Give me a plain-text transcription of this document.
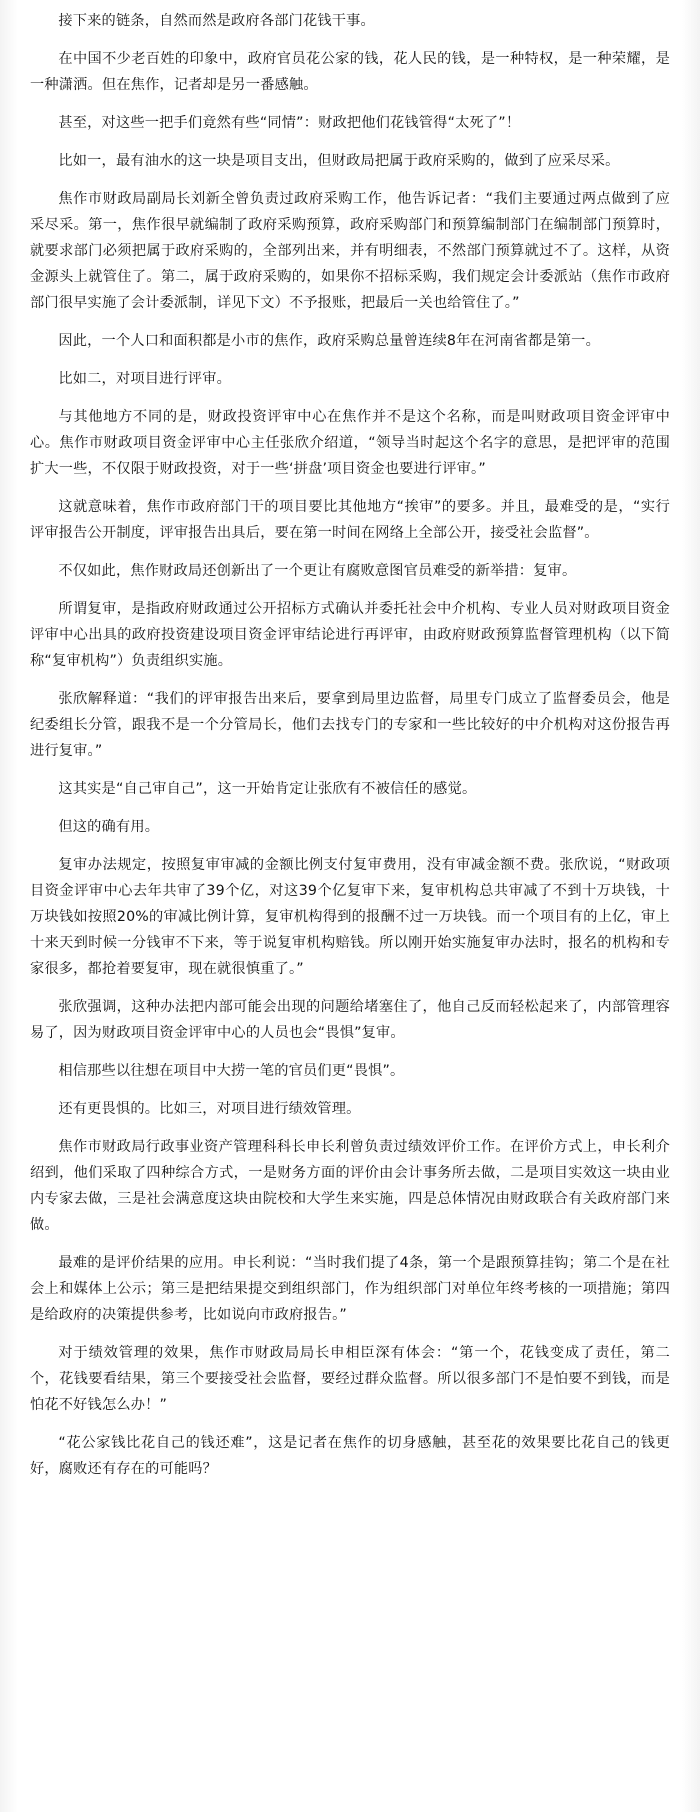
接下来的链条，自然而然是政府各部门花钱干事。

在中国不少老百姓的印象中，政府官员花公家的钱，花人民的钱，是一种特权，是一种荣耀，是一种潇洒。但在焦作，记者却是另一番感触。

甚至，对这些一把手们竟然有些“同情”：财政把他们花钱管得“太死了”！

比如一，最有油水的这一块是项目支出，但财政局把属于政府采购的，做到了应采尽采。

焦作市财政局副局长刘新全曾负责过政府采购工作，他告诉记者：“我们主要通过两点做到了应采尽采。第一，焦作很早就编制了政府采购预算，政府采购部门和预算编制部门在编制部门预算时，就要求部门必须把属于政府采购的，全部列出来，并有明细表，不然部门预算就过不了。这样，从资金源头上就管住了。第二，属于政府采购的，如果你不招标采购，我们规定会计委派站（焦作市政府部门很早实施了会计委派制，详见下文）不予报账，把最后一关也给管住了。”

因此，一个人口和面积都是小市的焦作，政府采购总量曾连续8年在河南省都是第一。

比如二，对项目进行评审。

与其他地方不同的是，财政投资评审中心在焦作并不是这个名称，而是叫财政项目资金评审中心。焦作市财政项目资金评审中心主任张欣介绍道，“领导当时起这个名字的意思，是把评审的范围扩大一些，不仅限于财政投资，对于一些‘拼盘’项目资金也要进行评审。”

这就意味着，焦作市政府部门干的项目要比其他地方“挨审”的要多。并且，最难受的是，“实行评审报告公开制度，评审报告出具后，要在第一时间在网络上全部公开，接受社会监督”。

不仅如此，焦作财政局还创新出了一个更让有腐败意图官员难受的新举措：复审。

所谓复审，是指政府财政通过公开招标方式确认并委托社会中介机构、专业人员对财政项目资金评审中心出具的政府投资建设项目资金评审结论进行再评审，由政府财政预算监督管理机构（以下简称“复审机构”）负责组织实施。

张欣解释道：“我们的评审报告出来后，要拿到局里边监督，局里专门成立了监督委员会，他是纪委组长分管，跟我不是一个分管局长，他们去找专门的专家和一些比较好的中介机构对这份报告再进行复审。”

这其实是“自己审自己”，这一开始肯定让张欣有不被信任的感觉。

但这的确有用。

复审办法规定，按照复审审减的金额比例支付复审费用，没有审减金额不费。张欣说，“财政项目资金评审中心去年共审了39个亿，对这39个亿复审下来，复审机构总共审减了不到十万块钱，十万块钱如按照20%的审减比例计算，复审机构得到的报酬不过一万块钱。而一个项目有的上亿，审上十来天到时候一分钱审不下来，等于说复审机构赔钱。所以刚开始实施复审办法时，报名的机构和专家很多，都抢着要复审，现在就很慎重了。”

张欣强调，这种办法把内部可能会出现的问题给堵塞住了，他自己反而轻松起来了，内部管理容易了，因为财政项目资金评审中心的人员也会“畏惧”复审。

相信那些以往想在项目中大捞一笔的官员们更“畏惧”。

还有更畏惧的。比如三，对项目进行绩效管理。

焦作市财政局行政事业资产管理科科长申长利曾负责过绩效评价工作。在评价方式上，申长利介绍到，他们采取了四种综合方式，一是财务方面的评价由会计事务所去做，二是项目实效这一块由业内专家去做，三是社会满意度这块由院校和大学生来实施，四是总体情况由财政联合有关政府部门来做。

最难的是评价结果的应用。申长利说：“当时我们提了4条，第一个是跟预算挂钩；第二个是在社会上和媒体上公示；第三是把结果提交到组织部门，作为组织部门对单位年终考核的一项措施；第四是给政府的决策提供参考，比如说向市政府报告。”

对于绩效管理的效果，焦作市财政局局长申相臣深有体会：“第一个，花钱变成了责任，第二个，花钱要看结果，第三个要接受社会监督，要经过群众监督。所以很多部门不是怕要不到钱，而是怕花不好钱怎么办！”

“花公家钱比花自己的钱还难”，这是记者在焦作的切身感触，甚至花的效果要比花自己的钱更好，腐败还有存在的可能吗？
